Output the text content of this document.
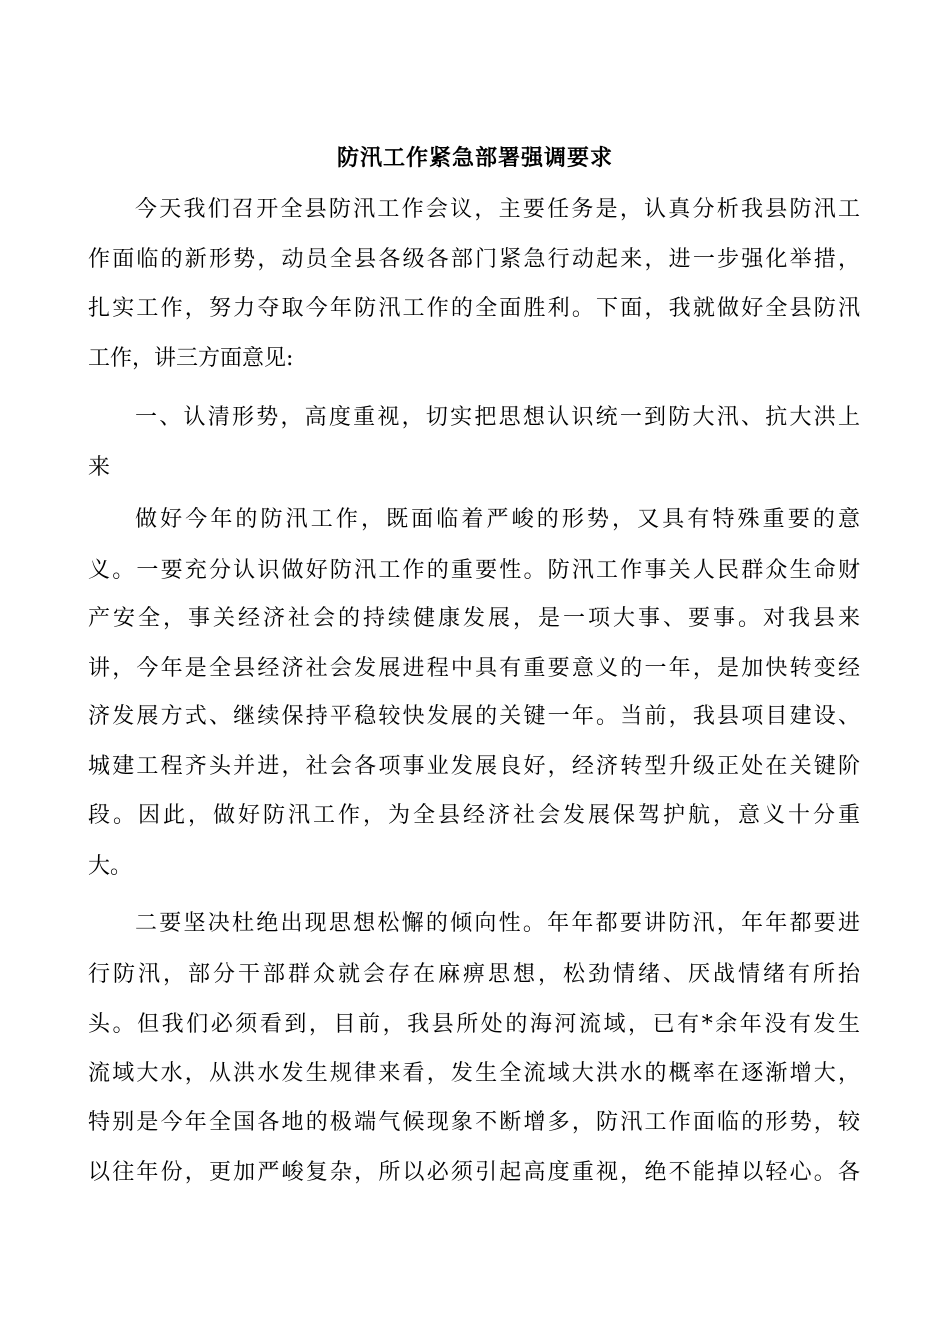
防汛工作紧急部署强调要求

今天我们召开全县防汛工作会议，主要任务是，认真分析我县防汛工

作面临的新形势，动员全县各级各部门紧急行动起来，进一步强化举措，

扎实工作，努力夺取今年防汛工作的全面胜利。下面，我就做好全县防汛

工作，讲三方面意见:

一、认清形势，高度重视，切实把思想认识统一到防大汛、抗大洪上

来

做好今年的防汛工作，既面临着严峻的形势，又具有特殊重要的意

义。一要充分认识做好防汛工作的重要性。防汛工作事关人民群众生命财

产安全，事关经济社会的持续健康发展，是一项大事、要事。对我县来

讲，今年是全县经济社会发展进程中具有重要意义的一年，是加快转变经

济发展方式、继续保持平稳较快发展的关键一年。当前，我县项目建设、

城建工程齐头并进，社会各项事业发展良好，经济转型升级正处在关键阶

段。因此，做好防汛工作，为全县经济社会发展保驾护航，意义十分重

大。

二要坚决杜绝出现思想松懈的倾向性。年年都要讲防汛，年年都要进

行防汛，部分干部群众就会存在麻痹思想，松劲情绪、厌战情绪有所抬

头。但我们必须看到，目前，我县所处的海河流域，已有*余年没有发生

流域大水，从洪水发生规律来看，发生全流域大洪水的概率在逐渐增大，

特别是今年全国各地的极端气候现象不断增多，防汛工作面临的形势，较

以往年份，更加严峻复杂，所以必须引起高度重视，绝不能掉以轻心。各
